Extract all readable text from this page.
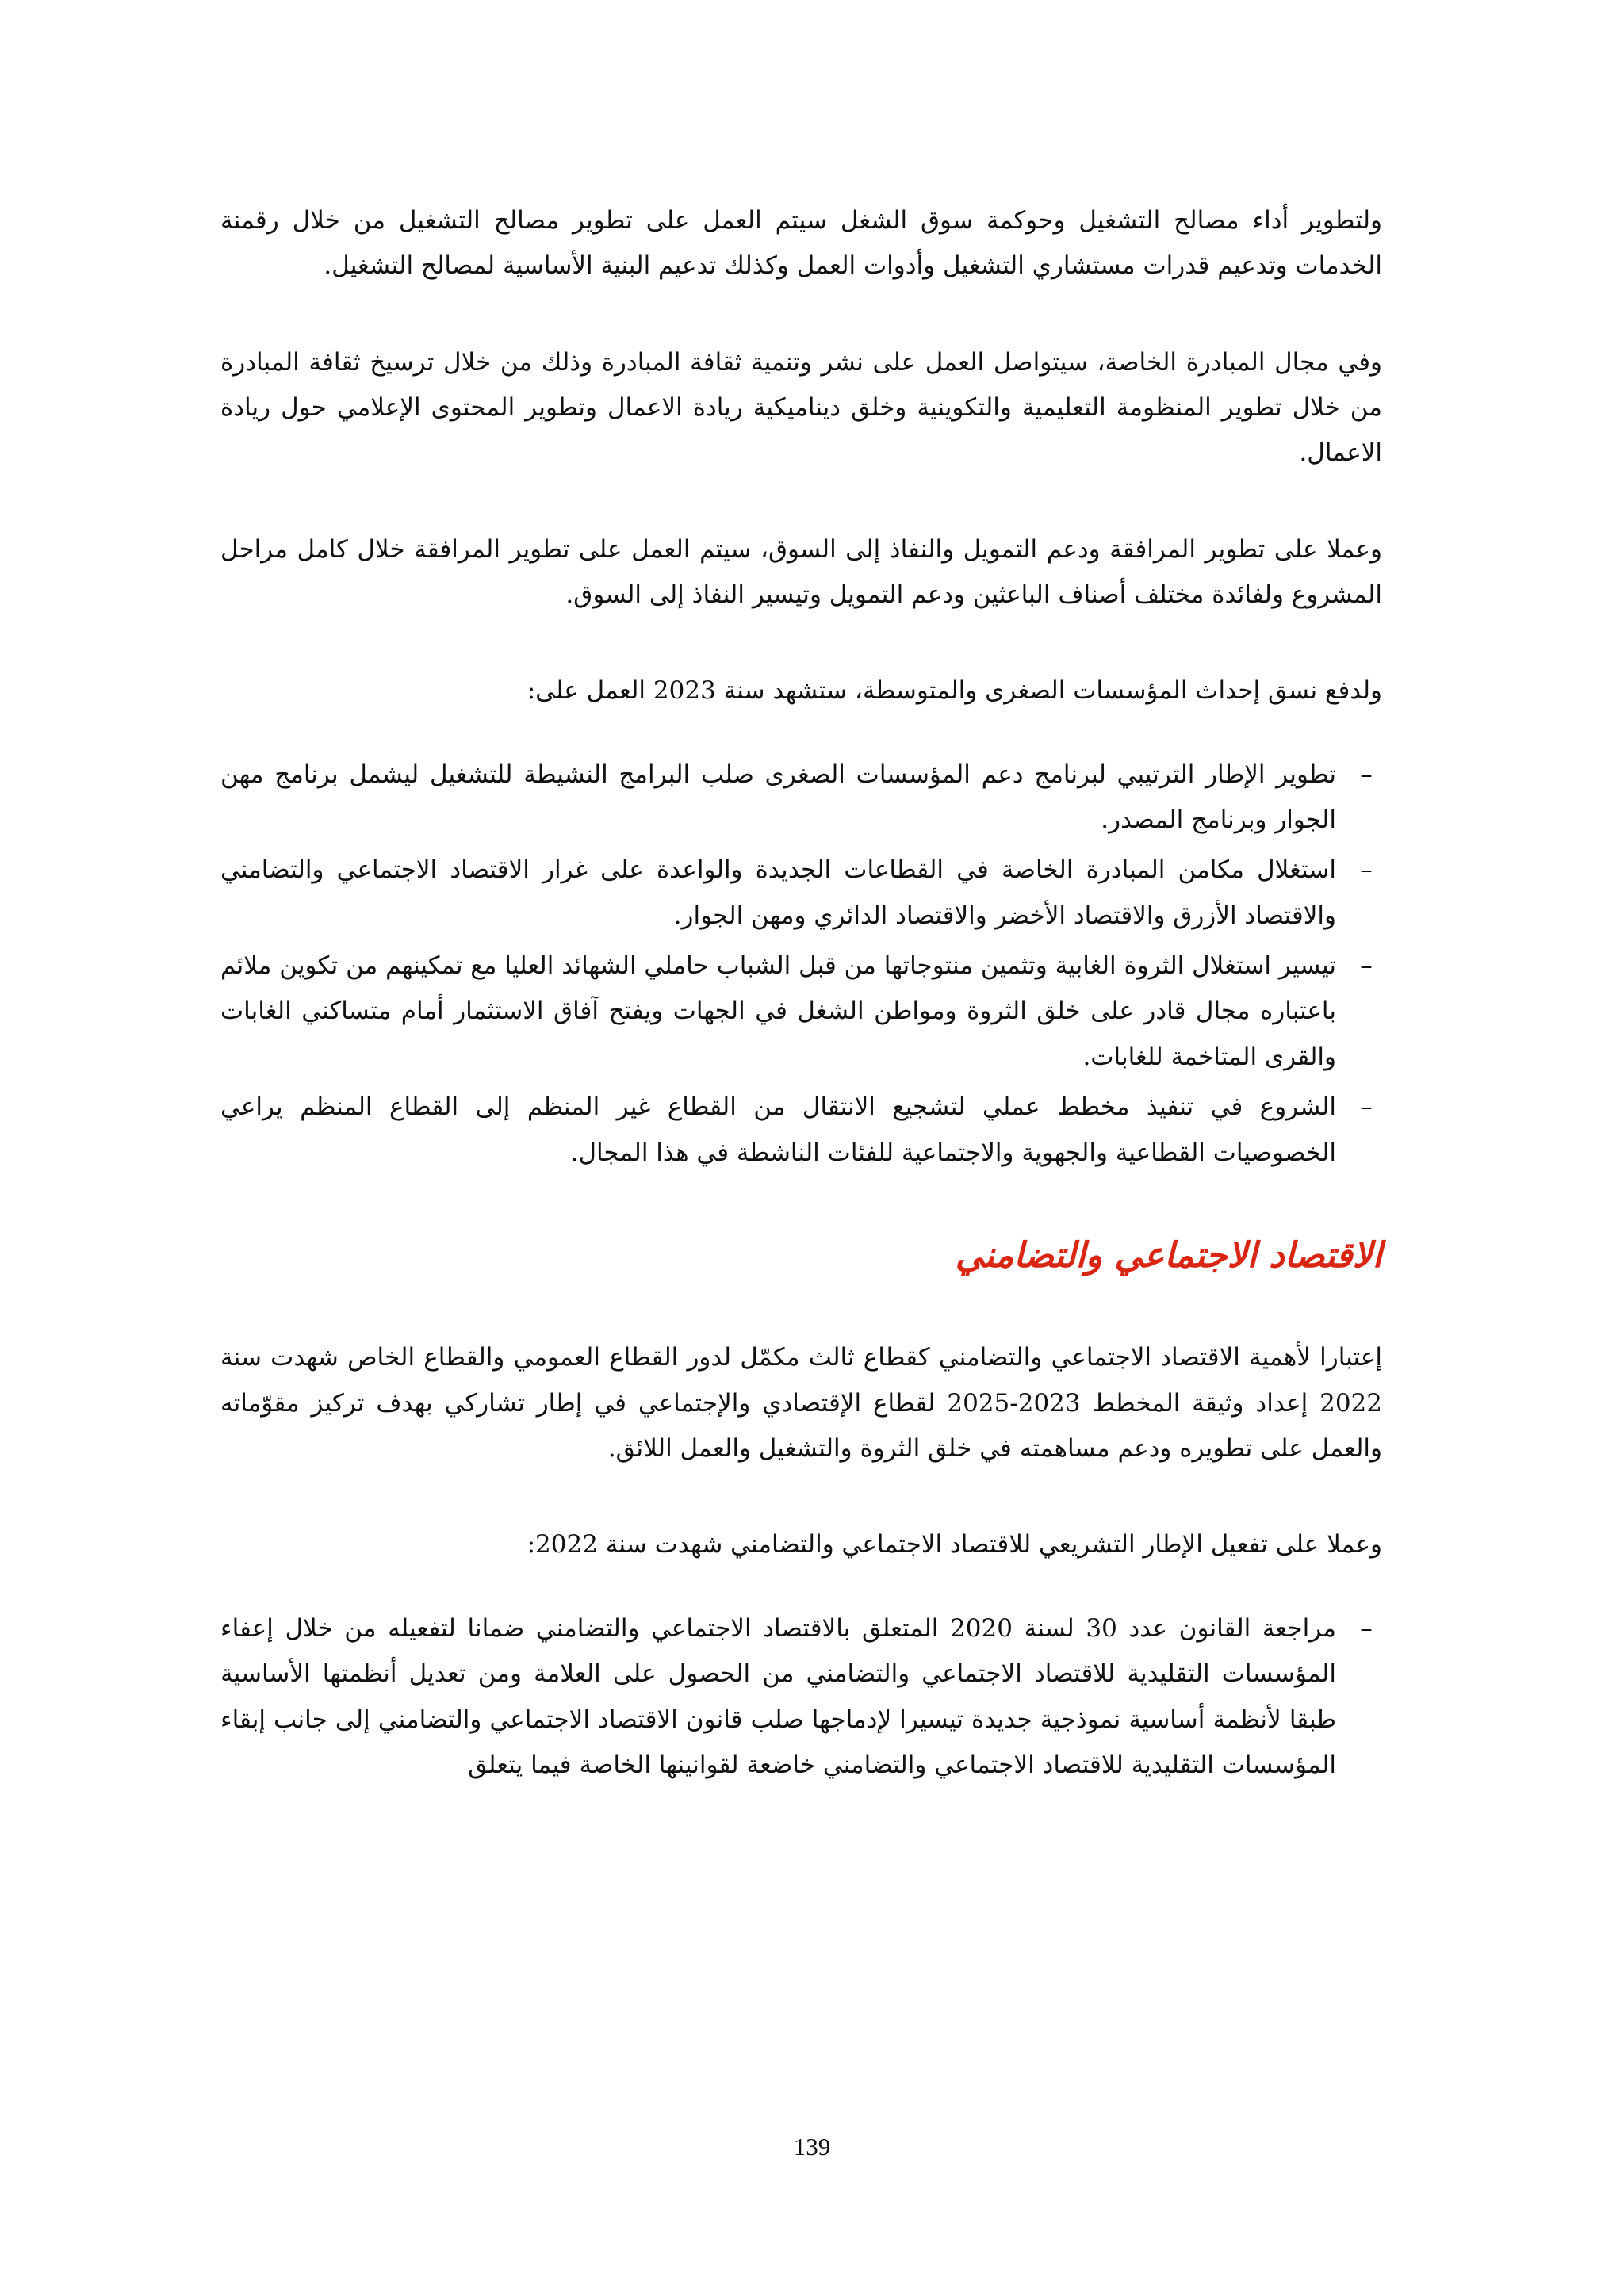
ولتطوير أداء مصالح التشغيل وحوكمة سوق الشغل سيتم العمل على تطوير مصالح التشغيل من خلال رقمنة الخدمات وتدعيم قدرات مستشاري التشغيل وأدوات العمل وكذلك تدعيم البنية الأساسية لمصالح التشغيل.

وفي مجال المبادرة الخاصة، سيتواصل العمل على نشر وتنمية ثقافة المبادرة وذلك من خلال ترسيخ ثقافة المبادرة من خلال تطوير المنظومة التعليمية والتكوينية وخلق ديناميكية ريادة الاعمال وتطوير المحتوى الإعلامي حول ريادة الاعمال.

وعملا على تطوير المرافقة ودعم التمويل والنفاذ إلى السوق، سيتم العمل على تطوير المرافقة خلال كامل مراحل المشروع ولفائدة مختلف أصناف الباعثين ودعم التمويل وتيسير النفاذ إلى السوق.

ولدفع نسق إحداث المؤسسات الصغرى والمتوسطة، ستشهد سنة 2023 العمل على:

–
تطوير الإطار الترتيبي لبرنامج دعم المؤسسات الصغرى صلب البرامج النشيطة للتشغيل ليشمل برنامج مهن الجوار وبرنامج المصدر.
–
استغلال مكامن المبادرة الخاصة في القطاعات الجديدة والواعدة على غرار الاقتصاد الاجتماعي والتضامني والاقتصاد الأزرق والاقتصاد الأخضر والاقتصاد الدائري ومهن الجوار.
–
تيسير استغلال الثروة الغابية وتثمين منتوجاتها من قبل الشباب حاملي الشهائد العليا مع تمكينهم من تكوين ملائم باعتباره مجال قادر على خلق الثروة ومواطن الشغل في الجهات ويفتح آفاق الاستثمار أمام متساكني الغابات والقرى المتاخمة للغابات.
–
الشروع في تنفيذ مخطط عملي لتشجيع الانتقال من القطاع غير المنظم إلى القطاع المنظم يراعي الخصوصيات القطاعية والجهوية والاجتماعية للفئات الناشطة في هذا المجال.
الاقتصاد الاجتماعي والتضامني

إعتبارا لأهمية الاقتصاد الاجتماعي والتضامني كقطاع ثالث مكمّل لدور القطاع العمومي والقطاع الخاص شهدت سنة 2022 إعداد وثيقة المخطط 2023-2025 لقطاع الإقتصادي والإجتماعي في إطار تشاركي بهدف تركيز مقوّماته والعمل على تطويره ودعم مساهمته في خلق الثروة والتشغيل والعمل اللائق.

وعملا على تفعيل الإطار التشريعي للاقتصاد الاجتماعي والتضامني شهدت سنة 2022:

–
مراجعة القانون عدد 30 لسنة 2020 المتعلق بالاقتصاد الاجتماعي والتضامني ضمانا لتفعيله من خلال إعفاء المؤسسات التقليدية للاقتصاد الاجتماعي والتضامني من الحصول على العلامة ومن تعديل أنظمتها الأساسية طبقا لأنظمة أساسية نموذجية جديدة تيسيرا لإدماجها صلب قانون الاقتصاد الاجتماعي والتضامني إلى جانب إبقاء المؤسسات التقليدية للاقتصاد الاجتماعي والتضامني خاضعة لقوانينها الخاصة فيما يتعلق
139
